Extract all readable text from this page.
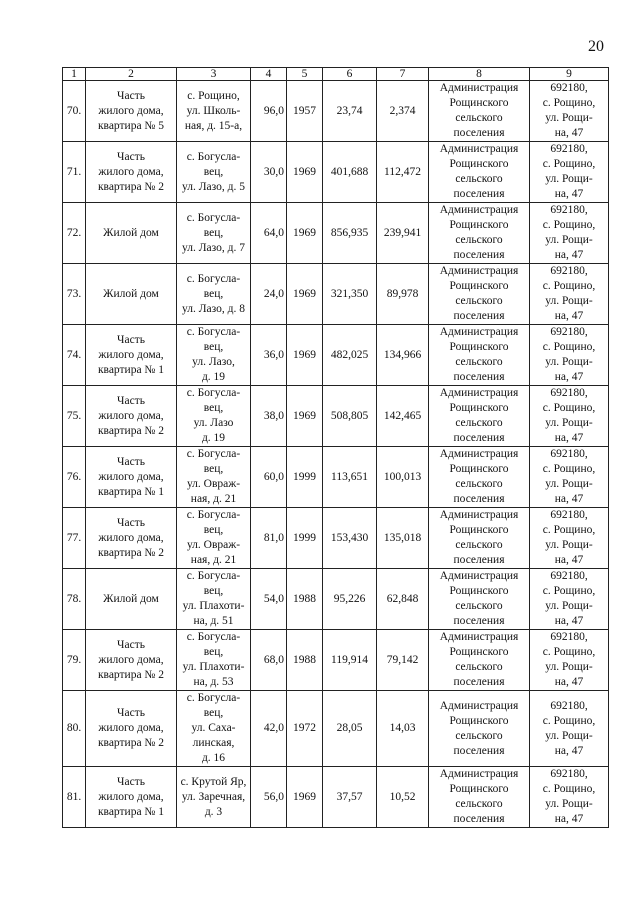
20
1	2	3	4	5	6	7	8	9
70.	Часть
жилого дома,
квартира № 5	с. Рощино,
ул. Школь-
ная, д. 15-а,	96,0	1957	23,74	2,374	Администрация
Рощинского
сельского
поселения	692180,
с. Рощино,
ул. Рощи-
на, 47

71.	Часть
жилого дома,
квартира № 2	с. Богусла-
вец,
ул. Лазо, д. 5	30,0	1969	401,688	112,472	Администрация
Рощинского
сельского
поселения	692180,
с. Рощино,
ул. Рощи-
на, 47

72.	Жилой дом	с. Богусла-
вец,
ул. Лазо, д. 7	64,0	1969	856,935	239,941	Администрация
Рощинского
сельского
поселения	692180,
с. Рощино,
ул. Рощи-
на, 47

73.	Жилой дом	с. Богусла-
вец,
ул. Лазо, д. 8	24,0	1969	321,350	89,978	Администрация
Рощинского
сельского
поселения	692180,
с. Рощино,
ул. Рощи-
на, 47

74.	Часть
жилого дома,
квартира № 1	с. Богусла-
вец,
ул. Лазо,
д. 19	36,0	1969	482,025	134,966	Администрация
Рощинского
сельского
поселения	692180,
с. Рощино,
ул. Рощи-
на, 47

75.	Часть
жилого дома,
квартира № 2	с. Богусла-
вец,
ул. Лазо
д. 19	38,0	1969	508,805	142,465	Администрация
Рощинского
сельского
поселения	692180,
с. Рощино,
ул. Рощи-
на, 47

76.	Часть
жилого дома,
квартира № 1	с. Богусла-
вец,
ул. Овраж-
ная, д. 21	60,0	1999	113,651	100,013	Администрация
Рощинского
сельского
поселения	692180,
с. Рощино,
ул. Рощи-
на, 47

77.	Часть
жилого дома,
квартира № 2	с. Богусла-
вец,
ул. Овраж-
ная, д. 21	81,0	1999	153,430	135,018	Администрация
Рощинского
сельского
поселения	692180,
с. Рощино,
ул. Рощи-
на, 47

78.	Жилой дом	с. Богусла-
вец,
ул. Плахоти-
на, д. 51	54,0	1988	95,226	62,848	Администрация
Рощинского
сельского
поселения	692180,
с. Рощино,
ул. Рощи-
на, 47

79.	Часть
жилого дома,
квартира № 2	с. Богусла-
вец,
ул. Плахоти-
на, д. 53	68,0	1988	119,914	79,142	Администрация
Рощинского
сельского
поселения	692180,
с. Рощино,
ул. Рощи-
на, 47

80.	Часть
жилого дома,
квартира № 2	с. Богусла-
вец,
ул. Саха-
линская,
д. 16	42,0	1972	28,05	14,03	Администрация
Рощинского
сельского
поселения	692180,
с. Рощино,
ул. Рощи-
на, 47

81.	Часть
жилого дома,
квартира № 1	с. Крутой Яр,
ул. Заречная,
д. 3	56,0	1969	37,57	10,52	Администрация
Рощинского
сельского
поселения	692180,
с. Рощино,
ул. Рощи-
на, 47
